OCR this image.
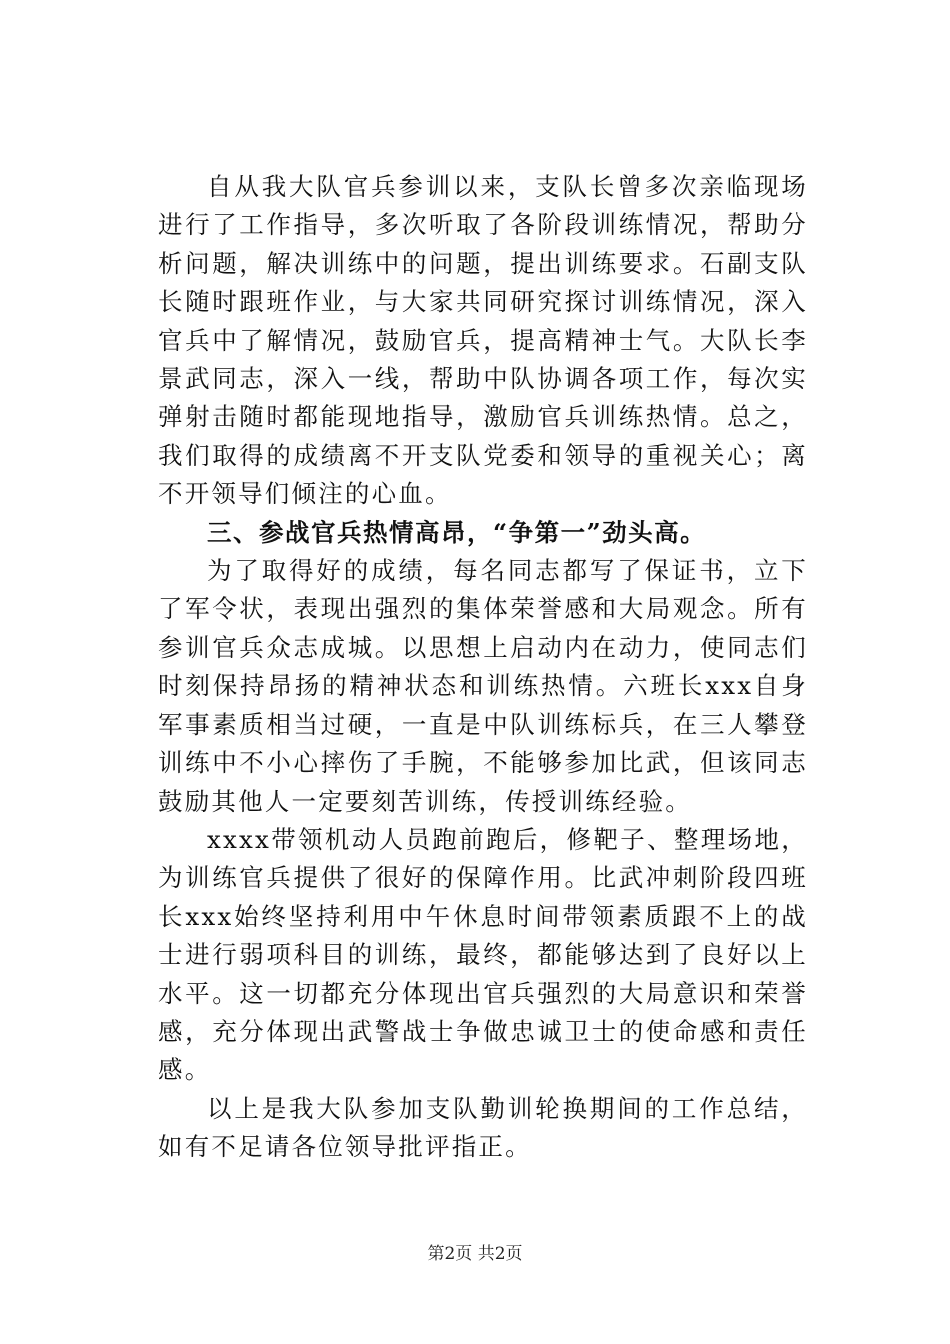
自从我大队官兵参训以来，支队长曾多次亲临现场进行了工作指导，多次听取了各阶段训练情况，帮助分析问题，解决训练中的问题，提出训练要求。石副支队长随时跟班作业，与大家共同研究探讨训练情况，深入官兵中了解情况，鼓励官兵，提高精神士气。大队长李景武同志，深入一线，帮助中队协调各项工作，每次实弹射击随时都能现地指导，激励官兵训练热情。总之，我们取得的成绩离不开支队党委和领导的重视关心；离不开领导们倾注的心血。

三、参战官兵热情高昂，“争第一”劲头高。

为了取得好的成绩，每名同志都写了保证书，立下了军令状，表现出强烈的集体荣誉感和大局观念。所有参训官兵众志成城。以思想上启动内在动力，使同志们时刻保持昂扬的精神状态和训练热情。六班长xxx自身军事素质相当过硬，一直是中队训练标兵，在三人攀登训练中不小心摔伤了手腕，不能够参加比武，但该同志鼓励其他人一定要刻苦训练，传授训练经验。

xxxx带领机动人员跑前跑后，修靶子、整理场地，为训练官兵提供了很好的保障作用。比武冲刺阶段四班长xxx始终坚持利用中午休息时间带领素质跟不上的战士进行弱项科目的训练，最终，都能够达到了良好以上水平。这一切都充分体现出官兵强烈的大局意识和荣誉感，充分体现出武警战士争做忠诚卫士的使命感和责任感。

以上是我大队参加支队勤训轮换期间的工作总结，如有不足请各位领导批评指正。

第2页 共2页
